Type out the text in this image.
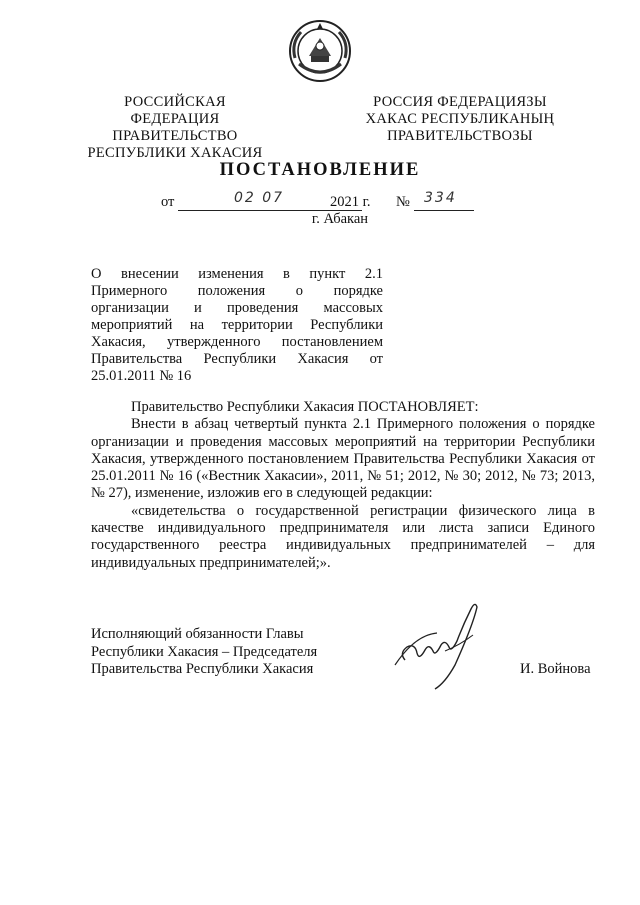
РОССИЙСКАЯ ФЕДЕРАЦИЯ
ПРАВИТЕЛЬСТВО
РЕСПУБЛИКИ ХАКАСИЯ
РОССИЯ ФЕДЕРАЦИЯЗЫ
ХАКАС РЕСПУБЛИКАНЫҢ
ПРАВИТЕЛЬСТВОЗЫ
ПОСТАНОВЛЕНИЕ
от	02 07	2021 г. № 334
г. Абакан
О внесении изменения в пункт 2.1 Примерного положения о порядке организации и проведения массовых мероприятий на территории Республики Хакасия, утвержденного постановлением Правительства Республики Хакасия от 25.01.2011 № 16

Правительство Республики Хакасия ПОСТАНОВЛЯЕТ:

Внести в абзац четвертый пункта 2.1 Примерного положения о порядке организации и проведения массовых мероприятий на территории Республики Хакасия, утвержденного постановлением Правительства Республики Хакасия от 25.01.2011 № 16 («Вестник Хакасии», 2011, № 51; 2012, № 30; 2012, № 73; 2013, № 27), изменение, изложив его в следующей редакции:

«свидетельства о государственной регистрации физического лица в качестве индивидуального предпринимателя или листа записи Единого государственного реестра индивидуальных предпринимателей – для индивидуальных предпринимателей;».

Исполняющий обязанности Главы
Республики Хакасия – Председателя
Правительства Республики Хакасия	И. Войнова
